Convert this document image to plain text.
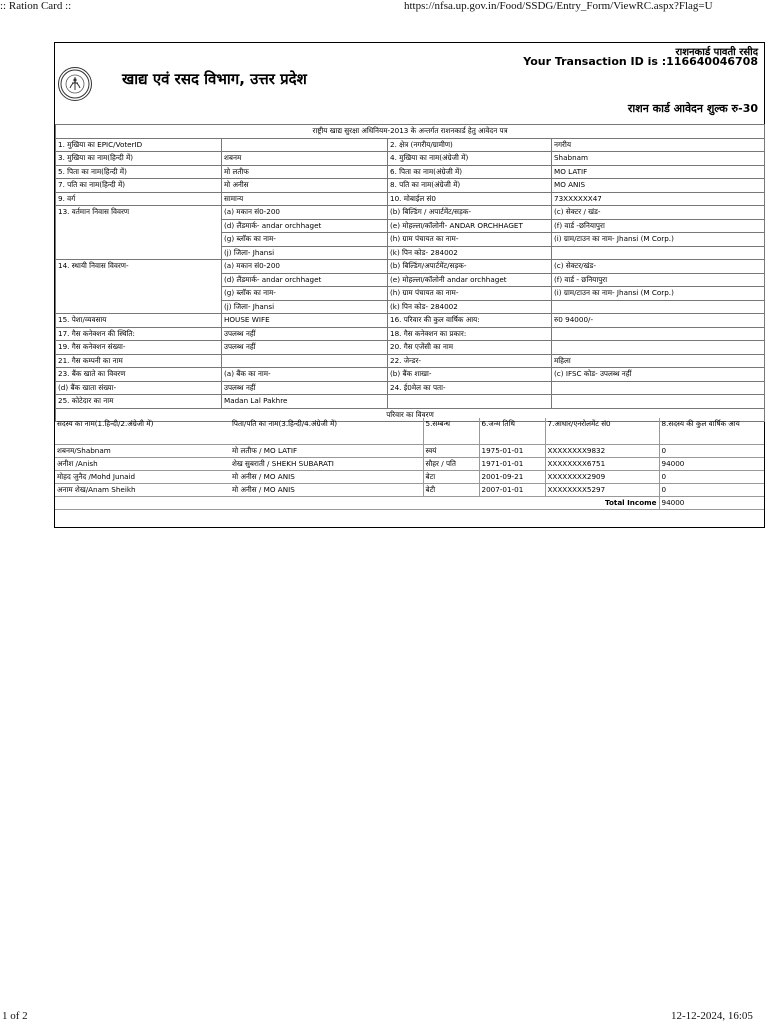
:: Ration Card ::	https://nfsa.up.gov.in/Food/SSDG/Entry_Form/ViewRC.aspx?Flag=U
खाद्य एवं रसद विभाग, उत्तर प्रदेश
राशनकार्ड पावती रसीद
Your Transaction ID is :116640046708
राशन कार्ड आवेदन शुल्क रु-30
राष्ट्रीय खाद्य सुरक्षा अधिनियम-2013 के अन्तर्गत राशनकार्ड हेतु आवेदन पत्र			
1. मुखिया का EPIC/VoterID		2. क्षेत्र (नगरीय/ग्रामीण)	नगरीय
3. मुखिया का नाम(हिन्दी में)	शबनम	4. मुखिया का नाम(अंग्रेजी में)	Shabnam
5. पिता का नाम(हिन्दी में)	मो लतीफ	6. पिता का नाम(अंग्रेजी में)	MO LATIF
7. पति का नाम(हिन्दी में)	मो अनीस	8. पति का नाम(अंग्रेजी में)	MO ANIS
9. वर्ग	सामान्य	10. मोबाईल सं0	73XXXXXX47
13. वर्तमान निवास विवरण	(a) मकान सं0-200	(b) बिल्डिंग / अपार्टमेंट/सड़क-	(c) सेक्टर / खंड-
	(d) लैंडमार्क- andar orchhaget	(e) मोहल्ला/कॉलोनी- ANDAR ORCHHAGET	(f) वार्ड -छनियापुरा
	(g) ब्लॉक का नाम-	(h) ग्राम पंचायत का नाम-	(i) ग्राम/टाउन का नाम- Jhansi (M Corp.)
	(j) जिला- Jhansi	(k) पिन कोड- 284002	
14. स्थायी निवास विवरण-	(a) मकान सं0-200	(b) बिल्डिंग/अपार्टमेंट/सड़क-	(c) सेक्टर/खंड-
	(d) लैंडमार्क- andar orchhaget	(e) मोहल्ला/कॉलोनी andar orchhaget	(f) वार्ड - छनियापुरा
	(g) ब्लॉक का नाम-	(h) ग्राम पंचायत का नाम-	(i) ग्राम/टाउन का नाम- Jhansi (M Corp.)
	(j) जिला- Jhansi	(k) पिन कोड- 284002	
15. पेशा/व्यवसाय	HOUSE WIFE	16. परिवार की कुल वार्षिक आय:	रु0 94000/-
17. गैस कनेक्शन की स्थिति:	उपलब्ध नहीं	18. गैस कनेक्शन का प्रकार:	
19. गैस कनेक्शन संख्या-	उपलब्ध नहीं	20. गैस एजेंसी का नाम	
21. गैस कम्पनी का नाम		22. जेन्डर-	महिला
23. बैंक खाते का विवरण	(a) बैंक का नाम-	(b) बैंक शाखा-	(c) IFSC कोड- उपलब्ध नहीं
(d) बैंक खाता संख्या-	उपलब्ध नहीं	24. ई0मेल का पता-	
25. कोटेदार का नाम	Madan Lal Pakhre		
परिवार का विवरण			
सदस्य का नाम(1.हिन्दी/2.अंग्रेजी में)	पिता/पति का नाम(3.हिन्दी/4.अंग्रेजी में)	5.सम्बन्ध	6.जन्म तिथि	7.आधार/एनरोलमेंट सं0	8.सदस्य की कुल वार्षिक आय
शबनम/Shabnam	मो लतीफ / MO LATIF	स्वयं	1975-01-01	XXXXXXXX9832	0
अनीश /Anish	शेख सुबराती / SHEKH SUBARATI	सौहर / पति	1971-01-01	XXXXXXXX6751	94000
मोहद जुनैद /Mohd Junaid	मो अनीस / MO ANIS	बेटा	2001-09-21	XXXXXXXX2909	0
अनाम शेख/Anam Sheikh	मो अनीस / MO ANIS	बेटी	2007-01-01	XXXXXXXX5297	0
Total Income					94000
1 of 2	12-12-2024, 16:05
